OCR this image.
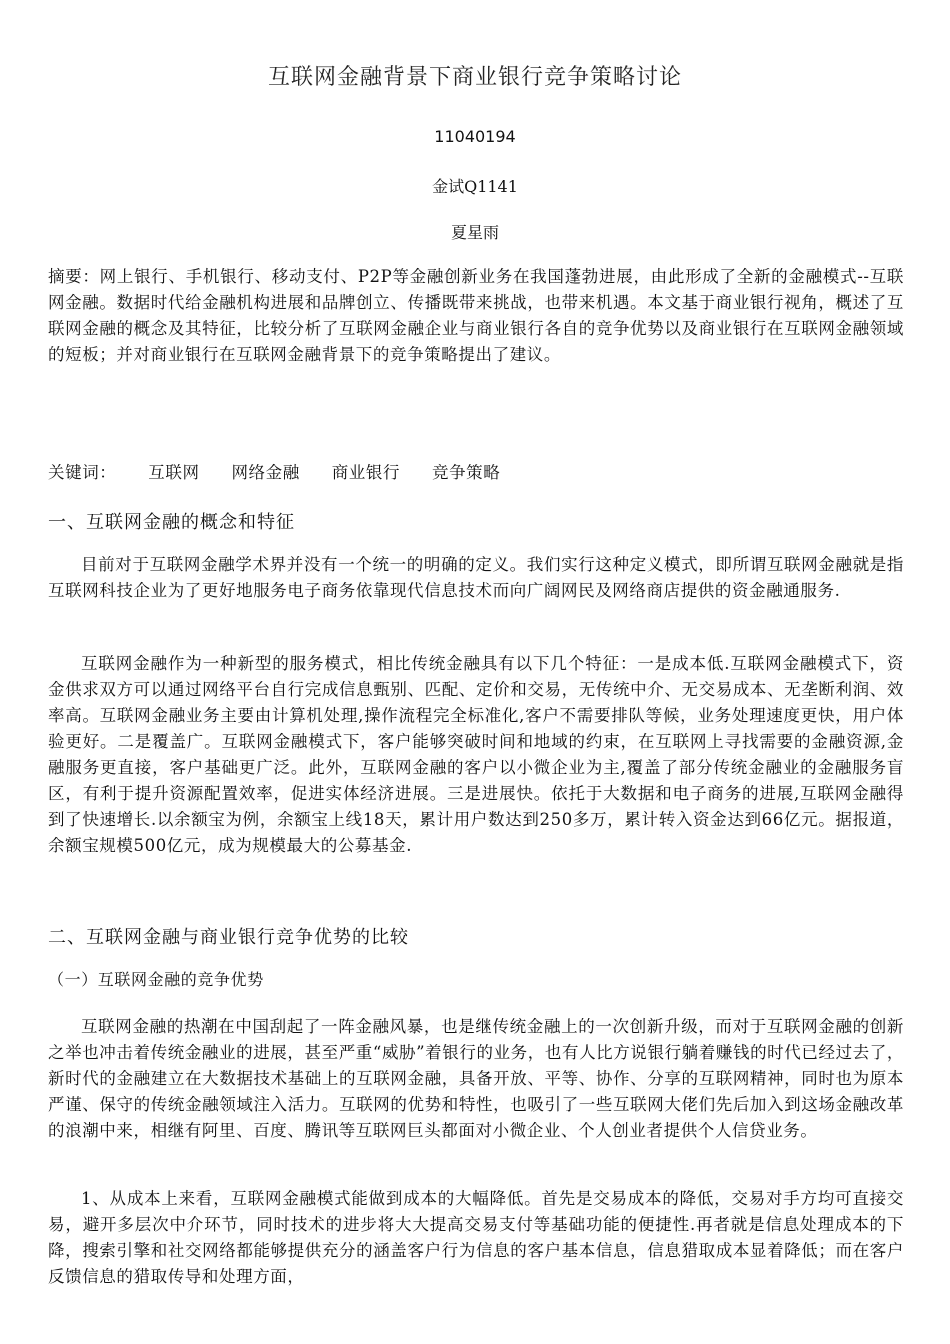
互联网金融背景下商业银行竞争策略讨论
11040194
金试Q1141
夏星雨
摘要：网上银行、手机银行、移动支付、P2P等金融创新业务在我国蓬勃进展，由此形成了全新的金融模式--互联网金融。数据时代给金融机构进展和品牌创立、传播既带来挑战，也带来机遇。本文基于商业银行视角，概述了互联网金融的概念及其特征，比较分析了互联网金融企业与商业银行各自的竞争优势以及商业银行在互联网金融领域的短板；并对商业银行在互联网金融背景下的竞争策略提出了建议。
关键词： 互联网 网络金融 商业银行 竞争策略
一、互联网金融的概念和特征
目前对于互联网金融学术界并没有一个统一的明确的定义。我们实行这种定义模式，即所谓互联网金融就是指互联网科技企业为了更好地服务电子商务依靠现代信息技术而向广阔网民及网络商店提供的资金融通服务.
互联网金融作为一种新型的服务模式，相比传统金融具有以下几个特征：一是成本低.互联网金融模式下，资金供求双方可以通过网络平台自行完成信息甄别、匹配、定价和交易，无传统中介、无交易成本、无垄断利润、效率高。互联网金融业务主要由计算机处理,操作流程完全标准化,客户不需要排队等候，业务处理速度更快，用户体验更好。二是覆盖广。互联网金融模式下，客户能够突破时间和地域的约束，在互联网上寻找需要的金融资源,金融服务更直接，客户基础更广泛。此外，互联网金融的客户以小微企业为主,覆盖了部分传统金融业的金融服务盲区，有利于提升资源配置效率，促进实体经济进展。三是进展快。依托于大数据和电子商务的进展,互联网金融得到了快速增长.以余额宝为例，余额宝上线18天，累计用户数达到250多万，累计转入资金达到66亿元。据报道，余额宝规模500亿元，成为规模最大的公募基金.
二、互联网金融与商业银行竞争优势的比较
（一）互联网金融的竞争优势
互联网金融的热潮在中国刮起了一阵金融风暴，也是继传统金融上的一次创新升级，而对于互联网金融的创新之举也冲击着传统金融业的进展，甚至严重“威胁”着银行的业务，也有人比方说银行躺着赚钱的时代已经过去了，新时代的金融建立在大数据技术基础上的互联网金融，具备开放、平等、协作、分享的互联网精神，同时也为原本严谨、保守的传统金融领域注入活力。互联网的优势和特性，也吸引了一些互联网大佬们先后加入到这场金融改革的浪潮中来，相继有阿里、百度、腾讯等互联网巨头都面对小微企业、个人创业者提供个人信贷业务。
1、从成本上来看，互联网金融模式能做到成本的大幅降低。首先是交易成本的降低，交易对手方均可直接交易，避开多层次中介环节，同时技术的进步将大大提高交易支付等基础功能的便捷性.再者就是信息处理成本的下 降，搜索引擎和社交网络都能够提供充分的涵盖客户行为信息的客户基本信息，信息猎取成本显着降低；而在客户反馈信息的猎取传导和处理方面，
